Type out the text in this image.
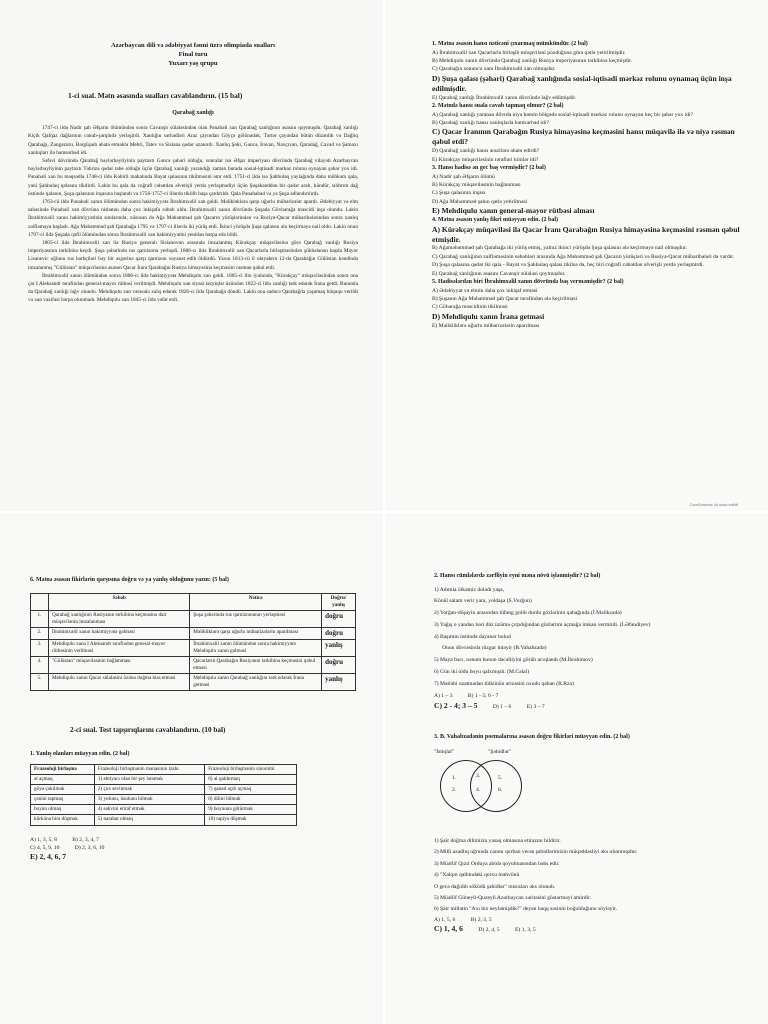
Azərbaycan dili və ədəbiyyat fənni üzrə olimpiada sualları
Final turu
Yuxarı yaş qrupu
1-ci sual. Mətn əsasında sualları cavablandırın. (15 bal)
Qarabağ xanlığı

1747-ci ildə Nadir şah Əfşarın ölümündən sonra Cavanşir sülaləsindən olan Pənahəli xan Qarabağ xanlığının əsasını qoymuşdu. Qarabağ xanlığı Kiçik Qafqaz dağlarının cənub-şərqində yerləşirdi. Xanlığın sərhədləri Araz çayından Göyçə gölünədək, Tərtər çayından bütün düzənlik və Dağlıq Qarabağı, Zəngəzuru, Bərgüşadı əhatə etməklə Mehri, Tatev və Sisiana qədər uzanırdı. Xanlıq Şəki, Gəncə, İrəvan, Naxçıvan, Qaradağ, Cavad və Şamaxı xanlıqları ilə həmsərhəd idi.

Səfəvi dövründə Qarabağ bəylərbəyliyinin paytaxtı Gəncə şəhəri olduğu, sonralar isə Əfşar imperiyası dövründə Qarabağ vilayəti Azərbaycan bəylərbəyliyinin paytaxtı Təbrizə qədər tabe olduğu üçün Qarabağ xanlığı yarandığı zaman burada sosial-iqtisadi mərkəz rolunu oynayan şəhər yox idi. Pənahəli xan bu məqsədlə 1748-ci ildə Kəbirli mahalında Bayat qalasının tikilməsini əmr etdi. 1751-ci ildə isə Şahbulaq yaylağında daha möhkəm qala, yəni Şahbulaq qalasını tikdirdi. Lakin bu qala da coğrafi cəhətdən əlverişli yerdə yerləşmədiyi üçün Şuşakənddən bir qədər aralı, hündür, sıldırım dağ üstündə qalanın, Şuşa qalasının inşasına başlandı və 1756-1757-ci illərdə tikilib başa çatdırıldı. Qala Pənahabad və ya Şuşa adlandırılırdı.

1763-cü ildə Pənahəli xanın ölümündən sonra hakimiyyətə İbrahimxəlil xan gəldi. Məlikləklərə qarşı uğurlu mübarizələr apardı. Ədəbiyyat və elm sahəsində Pənahəli xan dövrünə nisbətən daha çox inkişafa səbəb oldu. İbrahimxəlil xanın dövründə Şuşada Gövhərağa məscidi inşa olundu. Lakin İbrahimxəlil xanın hakimiyyətinin sonlarında, xüsusən də Ağa Məhəmməd şah Qacarın yürüşlərindən və Rusiya-Qacar müharibələrindən sonra xanlıq zəifləməyə başladı. Ağa Məhəmməd şah Qarabağa 1795 və 1797-ci illərdə iki yürüş etdi. İkinci yürüşdə Şuşa qalasını ələ keçirməyə nail oldu. Lakin onun 1797-ci ildə Şuşada qəfil ölümündən sonra İbrahimxəlil xan hakimiyyətini yenidən bərpa edə bildi.

1805-ci ildə İbrahimxəlil xan ilə Rusiya generalı Sisianovun arasında imzalanmış Kürəkçay müqaviləsinə görə Qarabağ xanlığı Rusiya imperiyasının tərkibinə keçdi. Şuşa şəhərində rus qarnizonu yerləşdi. 1806-cı ildə İbrahimxəlil xan Qacarlarla birləşməsindən şübhələnən başda Mayor Lisanevic oğlunu rus hərbçiləri bəy bir əsgərinə qarşı qarnizon xəyanət edib öldürdü. Yaxın 1813-cü il oktyabrın 12-də Qarabağın Gülüstan kəndində imzalanmış "Gülüstan" müqaviləsinə əsasən Qacar İranı Qarabağın Rusiya himayəsinə keçməsini rəsmən qəbul etdi.

İbrahimxəlil xanın ölümündən sonra 1806-cı ildə hakimiyyətə Mehdiqulu xan gəldi. 1805-ci ilin iyulunda, "Kürəkçay" müqaviləsindən sonra ona çar I Aleksandr tərəfindən general-mayor rütbəsi verilmişdi. Mehdiqulu xan siyasi təzyiqlər üzündən 1822-ci ildə xanlığı tərk edərək İrana getdi. Bununla da Qarabağ xanlığı ləğv olundu. Mehdiqulu xan vərəsələ xalış edərək 1826-cı ildə Qarabağa döndü. Lakin ona sadəcə Qarabağda yaşamaq hüququ verildi və xan vəzifəsi bərpa olunmadı. Mehdiqulu xan 1845-ci ildə vəfat etdi.

1. Mətnə əsasən hansı nəticəni çıxarmaq mümkündür. (2 bal)
A) İbrahimxəlil xan Qacarlarla birləşib müqaviləni pozduğuna görə qətlə yetirilmişdir.
B) Mehdiqulu xanın dövründə Qarabağ xanlığı Rusiya imperiyasının tərkibinə keçmişdir.
C) Qarabağın sonuncu xanı İbrahimxəlil xan olmuşdur.
D) Şuşa qalası (şəhəri) Qarabağ xanlığında sosial-iqtisadi mərkəz rolunu oynamaq üçün inşa edilmişdir.
E) Qarabağ xanlığı İbrahimxəlil xanın dövründə ləğv edilmişdir.
2. Mətndə hansı suala cavab tapmaq olmur? (2 bal)
A) Qarabağ xanlığı yaranan dövrdə niyə həmin bölgədə sosial-iqtisadi mərkəz rolunu oynayan heç bir şəhər yox idi?
B) Qarabağ xanlığı hansı xanlıqlarla həmsərhəd idi?
C) Qacar İranının Qarabağın Rusiya himayəsinə keçməsini hansı müqavilə ilə və niyə rəsmən qəbul etdi?
D) Qarabağ xanlığı hansı ərazilərə əhatə edirdi?
E) Kürəkçay müqaviləsinin tərəfləri kimlər idi?
3. Hansı hadisə ən gec baş vermişdir? (2 bal)
A) Nadir şah Əfşarın ölümü
B) Kürəkçay müqaviləsinin bağlanması
C) Şuşa qalasının inşası
D) Ağa Məhəmməd şahın qətlə yetirilməsi
E) Mehdiqulu xanın general-mayor rütbəsi alması
4. Mətnə əsasən yanlış fikri müəyyən edin. (2 bal)
A) Kürəkçay müqaviləsi ilə Qacar İranı Qarabağın Rusiya himayəsinə keçməsini rəsmən qəbul etmişdir.
B) Ağaməhəmməd şah Qarabağa iki yürüş etmiş, yalnız ikinci yürüşdə Şuşa qalasını ələ keçirməyə nail olmuşdur.
C) Qarabağ xanlığının zəifləməsinin səbəbləri arasında Ağa Məhəmməd şah Qacarın yürüşləri və Rusiya-Qacar müharibələri də vardır.
D) Şuşa qalasına qədər iki qala - Bayat və Şahbulaq qalası tikilsə də, heç biri coğrafi cəhətdən əlverişli yerdə yerləşmirdi.
E) Qarabağ xanlığının əsasını Cavanşir sülaləsi qoymuşdur.
5. Hadisələrdən biri İbrahimxəlil xanın dövründə baş verməmişdir? (2 bal)
A) Ədəbiyyat və elmin daha çox inkişaf etməsi
B) Şuşanın Ağa Məhəmməd şah Qacar tərəfindən ələ keçirilməsi
C) Göhərağa məscidinin tikilməsi
D) Mehdiqulu xanın İrana getməsi
E) Məlikliklərə uğurlu mübarizələrin aparılması
CamScanner ilə skan edildi
6. Mətnə əsasən fikirlərin qarşısına doğru və ya yanlış olduğunu yazın: (5 bal)
	Səbəb	Nəticə	Doğru/ yanlış
1.	Qarabağ xanlığının Rusiyanın tərkibinə keçməsinə dair müqavilənin imzalanması	Şuşa şəhərində rus qarnizonunun yerləşməsi	doğru
2.	İbrahimxəlil xanın hakimiyyətə gəlməsi	Məlikliklərə qarşı uğurlu mübarizələrin aparılması	doğru
3.	Mehdiqulu xana I Aleksandr tərəfindən general-mayor rütbəsinin verilməsi	İbrahimxəlil xanın ölümündən sonra hakimiyyətə Mehdiqulu xanın gəlməsi	yanlış
4.	"Gülüstan" müqaviləsinin bağlanması	Qacarların Qarabağın Rusiyanın tərkibinə keçməsini qəbul etməsi	doğru
5.	Mehdiqulu xanın Qacar sülaləsini özünə doğma hiss etməsi	Mehdiqulu xanın Qarabağ xanlığını tərk edərək İrana getməsi	yanlış
2-ci sual. Test tapşırıqlarını cavablandırın. (10 bal)
1. Yanlış olanları müəyyən edin. (2 bal)
Frazeoloji birləşmə	Frazeoloji birləşmənin mənasının izahı	Frazeoloji birləşmənin sinonimi
əl açmaq	1) ehtiyacı olan bir şey istəmək	6) əl qaldırmaq
göyə çəkilmək	2) çox sevinmək	7) qanad açıb uçmaq
çənini tapmaq	3) yolunu, üsulunu bilmək	8) dilini bilmək
boyun olmaq	4) səhvini etiraf etmək	9) boynuna götürmək
kürkünə birə düşmək	5) narahat olmaq	10) təpiyə düşmək
A) 1, 3, 5, 8	B) 2, 3, 4, 7
C) 4, 5, 9, 10	D) 2, 3, 6, 10
E) 2, 4, 6, 7
2. Hansı cümlələrdə zərfliyin eyni məna növü işlənmişdir? (2 bal)
1) Adımla ölkəmiz doladı yaşa,
Könül salam verir yara, yoldaşa (S.Vurğun)
2) Yorğan-döşəyin arasından tüfəng golib durdu gözlərinin qabağında (İ.Məlikzadə)
3) Yağış o yandan bəri düz üzümə çırpdığından gözlərimi açmağa imkan vermirdi. (İ.Əfəndiyev)
4) Başımın üstündə dayanar bulud
Onun dövrəsində rüzgar inləyir (B.Vahabzadə)
5) Maya bacı, nənəm bunun dəcəlliyini görüb acıqlandı (M.İbrahimov)
6) Gün iki oldu boyu qalxmışdı. (M.Cəlal)
7) Mətləbi uzatmadan tülkünün ərizəsini oxudu qaban (R.Rza)
A) 1 – 3	B) 1 - 5; 6 - 7
C) 2 - 4; 3 – 5	D) 1 – 6	E) 3 – 7
3. B. Vahabzadənin poemalarına əsasən doğru fikirləri müəyyən edin. (2 bal)
"İstiqlal"	"Şəhidlər"
1.
2.
3.
4.
5.
6.
1) Şair doğma dilimizin yasaq olmasına etirazını bildirir.
2) Milli azadlıq uğrunda canını qurban verən şəhidlərimizin müqəddəsliyi əks olunmuşdur.
3) Müəllif Qızıl Orduya abidə qoyulmasından bəhs edir.
4) "Xalqın qəlbindəki qorxu məhvünü
O gecə dağıdıb söküdü şəhidlər" misraları əks olunub.
5) Müəllif Güneyli-Quzeyli Azərbaycan xəritəsini göstərməyi amirdir.
6) Şair millətin "Axı biz neylamişdik?" deyən haqq səsinin boğulduğunu söyləyir.
A) 1, 5, 6	B) 2, 3, 5
C) 1, 4, 6	D) 2, 4, 5	E) 1, 3, 5
